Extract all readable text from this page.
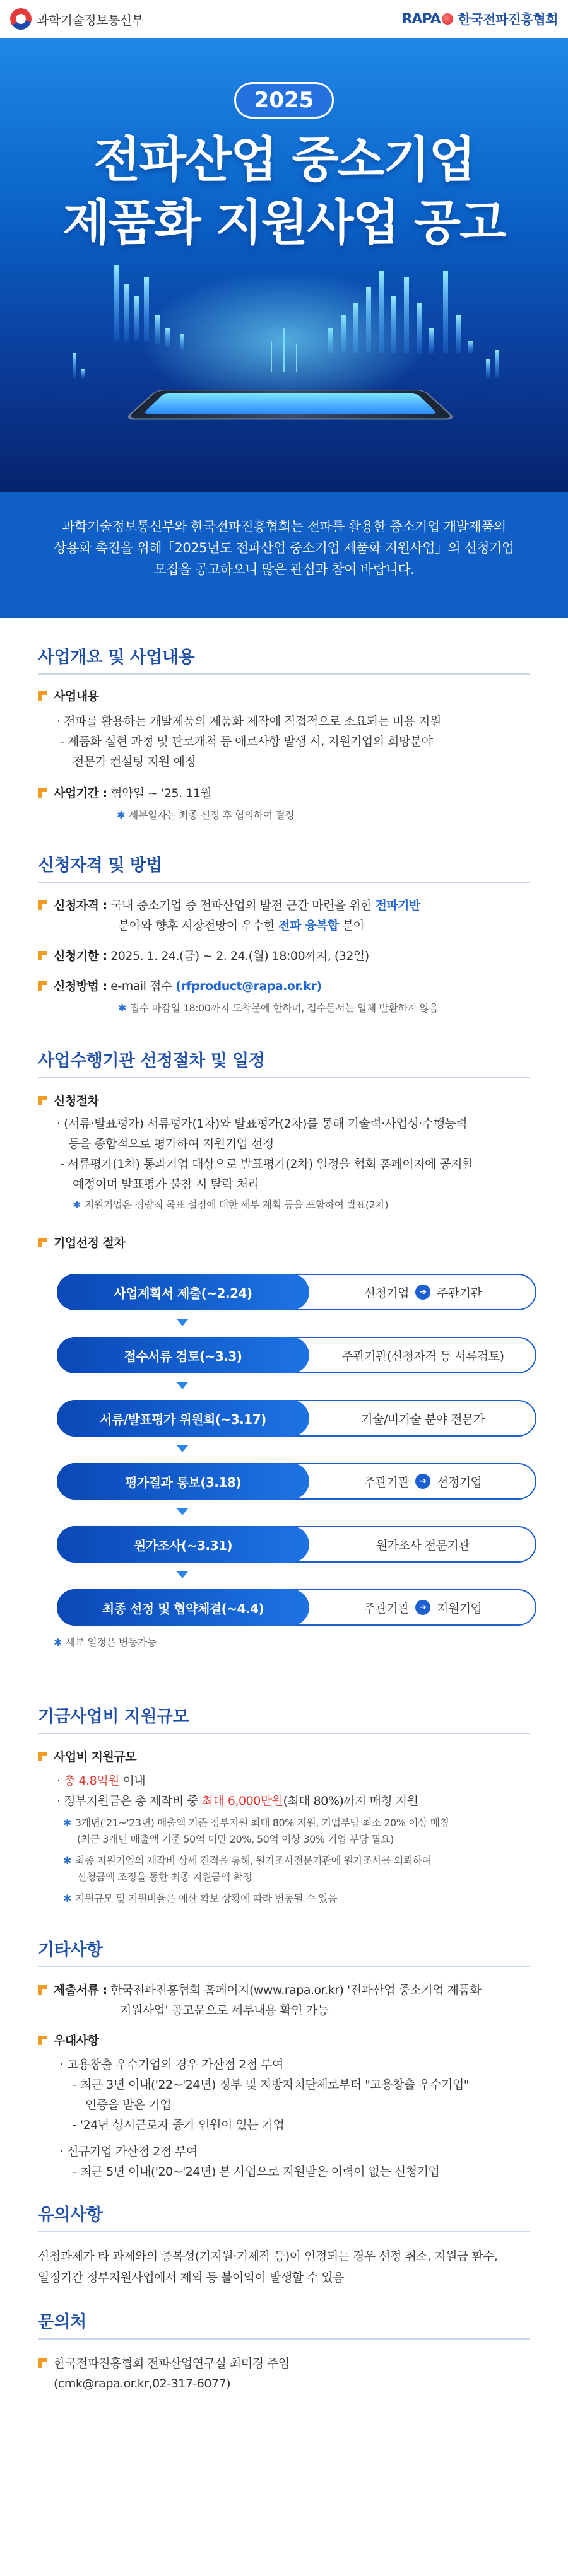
과학기술정보통신부	RAPA 한국전파진흥협회
2025
전파산업 중소기업
제품화 지원사업 공고
과학기술정보통신부와 한국전파진흥협회는 전파를 활용한 중소기업 개발제품의
상용화 촉진을 위해「2025년도 전파산업 중소기업 제품화 지원사업」의 신청기업
모집을 공고하오니 많은 관심과 참여 바랍니다.
사업개요 및 사업내용
사업내용
· 전파를 활용하는 개발제품의 제품화 제작에 직접적으로 소요되는 비용 지원
- 제품화 실현 과정 및 판로개척 등 애로사항 발생 시, 지원기업의 희망분야
전문가 컨설팅 지원 예정
사업기간 : 협약일 ~ '25. 11월
✱ 세부일자는 최종 선정 후 협의하여 결정
신청자격 및 방법
신청자격 : 국내 중소기업 중 전파산업의 발전 근간 마련을 위한 전파기반
분야와 향후 시장전망이 우수한 전파 융복합 분야
신청기한 : 2025. 1. 24.(금) ~ 2. 24.(월) 18:00까지, (32일)
신청방법 : e-mail 접수 (rfproduct@rapa.or.kr)
✱ 접수 마감일 18:00까지 도착분에 한하며, 접수문서는 일체 반환하지 않음
사업수행기관 선정절차 및 일정
신청절차
· (서류·발표평가) 서류평가(1차)와 발표평가(2차)를 통해 기술력·사업성·수행능력
등을 종합적으로 평가하여 지원기업 선정
- 서류평가(1차) 통과기업 대상으로 발표평가(2차) 일정을 협회 홈페이지에 공지할
예정이며 발표평가 불참 시 탈락 처리
✱ 지원기업은 정량적 목표 설정에 대한 세부 계획 등을 포함하여 발표(2차)
기업선정 절차
사업계획서 제출(~2.24)	신청기업	➔ 주관기관
접수서류 검토(~3.3)	주관기관(신청자격 등 서류검토)
서류/발표평가 위원회(~3.17)	기술/비기술 분야 전문가
평가결과 통보(3.18)	주관기관	➔ 선정기업
원가조사(~3.31)	원가조사 전문기관
최종 선정 및 협약체결(~4.4)	주관기관	➔ 지원기업
✱ 세부 일정은 변동가능
기금사업비 지원규모
사업비 지원규모
· 총 4.8억원 이내
· 정부지원금은 총 제작비 중 최대 6,000만원(최대 80%)까지 매칭 지원
✱ 3개년('21~'23년) 매출액 기준 정부지원 최대 80% 지원, 기업부담 최소 20% 이상 매칭
(최근 3개년 매출액 기준 50억 미만 20%, 50억 이상 30% 기업 부담 필요)
✱ 최종 지원기업의 제작비 상세 견적을 통해, 원가조사전문기관에 원가조사를 의뢰하여
신청금액 조정을 통한 최종 지원금액 확정
✱ 지원규모 및 지원비율은 예산 확보 상황에 따라 변동될 수 있음
기타사항
제출서류 : 한국전파진흥협회 홈페이지(www.rapa.or.kr) '전파산업 중소기업 제품화
지원사업' 공고문으로 세부내용 확인 가능
우대사항
· 고용창출 우수기업의 경우 가산점 2점 부여
- 최근 3년 이내('22~'24년) 정부 및 지방자치단체로부터 "고용창출 우수기업"
인증을 받은 기업
- '24년 상시근로자 증가 인원이 있는 기업
· 신규기업 가산점 2점 부여
- 최근 5년 이내('20~'24년) 본 사업으로 지원받은 이력이 없는 신청기업
유의사항
신청과제가 타 과제와의 중복성(기지원·기제작 등)이 인정되는 경우 선정 취소, 지원금 환수,
일정기간 정부지원사업에서 제외 등 불이익이 발생할 수 있음
문의처
한국전파진흥협회 전파산업연구실 최미경 주임
(cmk@rapa.or.kr,02-317-6077)
